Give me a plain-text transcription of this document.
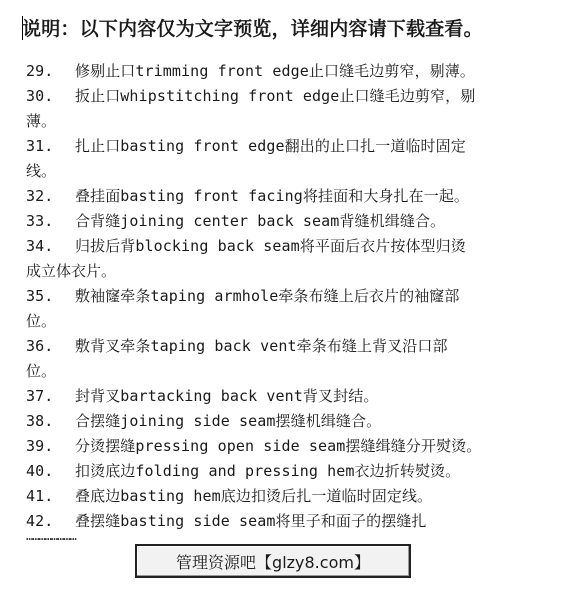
说明：以下内容仅为文字预览，详细内容请下载查看。
29.	修剔止口trimming front edge止口缝毛边剪窄，剔薄。
30.	扳止口whipstitching front edge止口缝毛边剪窄，剔
薄。
31.	扎止口basting front edge翻出的止口扎一道临时固定
线。
32.	叠挂面basting front facing将挂面和大身扎在一起。
33.	合背缝joining center back seam背缝机缉缝合。
34.	归拔后背blocking back seam将平面后衣片按体型归烫
成立体衣片。
35.	敷袖窿牵条taping armhole牵条布缝上后衣片的袖窿部
位。
36.	敷背叉牵条taping back vent牵条布缝上背叉沿口部
位。
37.	封背叉bartacking back vent背叉封结。
38.	合摆缝joining side seam摆缝机缉缝合。
39.	分烫摆缝pressing open side seam摆缝缉缝分开熨烫。
40.	扣烫底边folding and pressing hem衣边折转熨烫。
41.	叠底边basting hem底边扣烫后扎一道临时固定线。
42.	叠摆缝basting side seam将里子和面子的摆缝扎
……………………
管理资源吧【glzy8.com】
